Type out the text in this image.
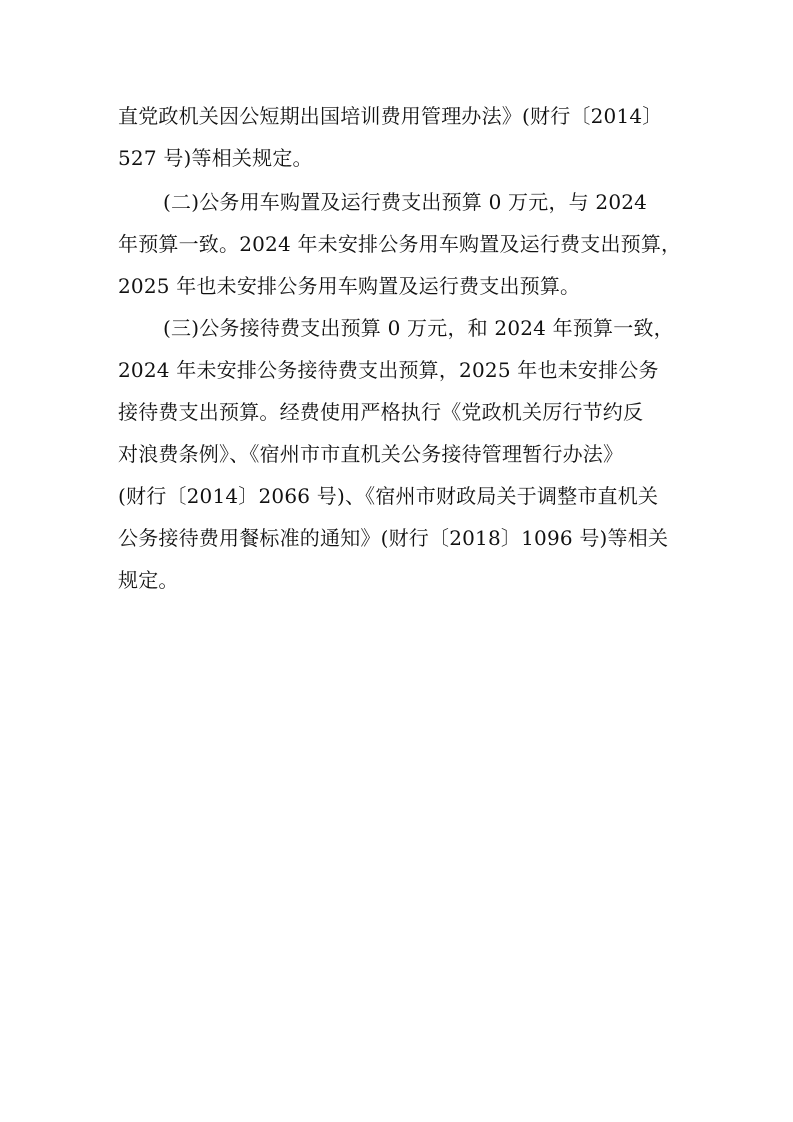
直党政机关因公短期出国培训费用管理办法》(财行〔2014〕
527 号)等相关规定。
(二)公务用车购置及运行费支出预算 0 万元，与 2024
年预算一致。2024 年未安排公务用车购置及运行费支出预算，
2025 年也未安排公务用车购置及运行费支出预算。
(三)公务接待费支出预算 0 万元，和 2024 年预算一致，
2024 年未安排公务接待费支出预算，2025 年也未安排公务
接待费支出预算。经费使用严格执行《党政机关厉行节约反
对浪费条例》、《宿州市市直机关公务接待管理暂行办法》
(财行〔2014〕2066 号)、《宿州市财政局关于调整市直机关
公务接待费用餐标准的通知》(财行〔2018〕1096 号)等相关
规定。
